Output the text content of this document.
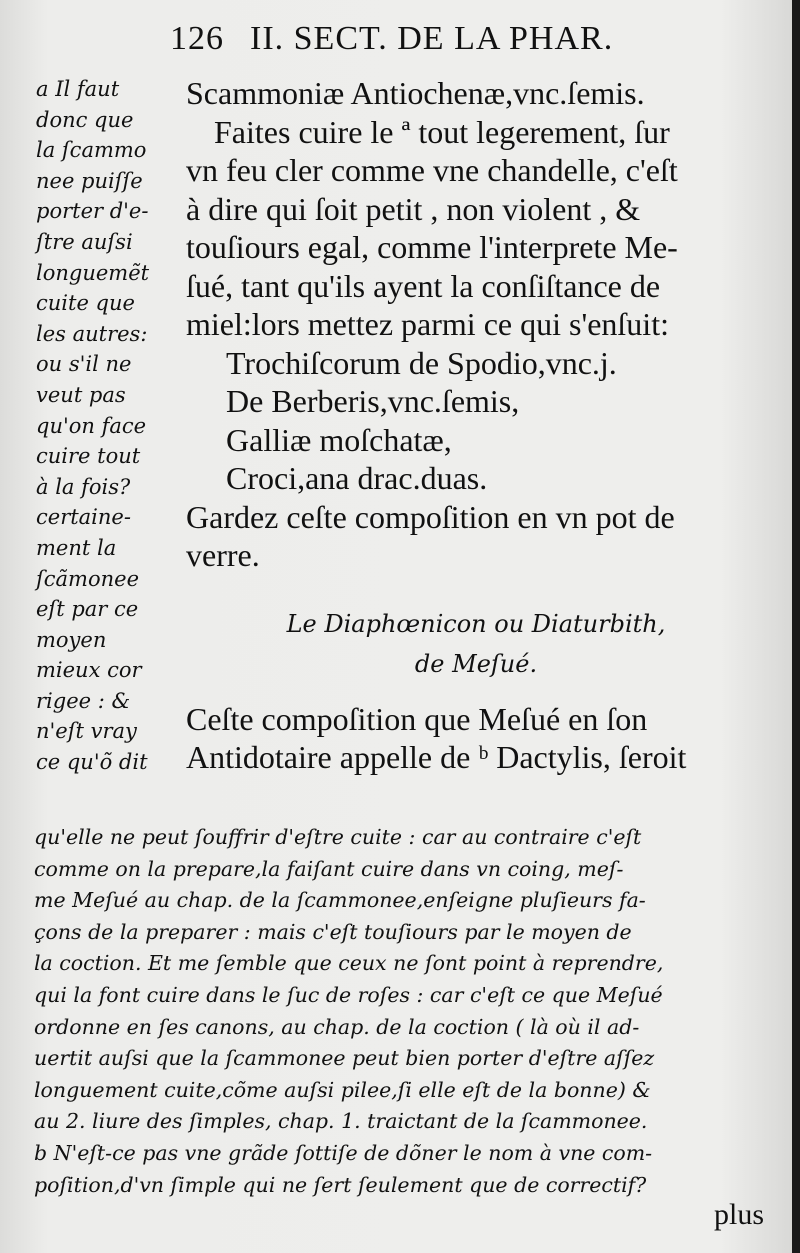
126 II. SECT. DE LA PHAR.
a Il faut
donc que
la ſcammo
nee puiſſe
porter d'e-
ſtre auſsi
longuemẽt
cuite que
les autres:
ou s'il ne
veut pas
qu'on face
cuire tout
à la fois?
certaine-
ment la
ſcãmonee
eſt par ce
moyen
mieux cor
rigee : &
n'eſt vray
ce qu'õ dit
Scammoniæ Antiochenæ,vnc.ſemis.
Faites cuire le ª tout legerement, ſur
vn feu cler comme vne chandelle, c'eſt
à dire qui ſoit petit , non violent , &
touſiours egal, comme l'interprete Me-
ſué, tant qu'ils ayent la conſiſtance de
miel:lors mettez parmi ce qui s'enſuit:
Trochiſcorum de Spodio,vnc.j.
De Berberis,vnc.ſemis,
Galliæ moſchatæ,
Croci,ana drac.duas.
Gardez ceſte compoſition en vn pot de
verre.
Le Diaphœnicon ou Diaturbith,
de Meſué.
Ceſte compoſition que Meſué en ſon
Antidotaire appelle de ᵇ Dactylis, ſeroit
qu'elle ne peut ſouffrir d'eſtre cuite : car au contraire c'eſt
comme on la prepare,la faiſant cuire dans vn coing, meſ-
me Meſué au chap. de la ſcammonee,enſeigne pluſieurs fa-
çons de la preparer : mais c'eſt touſiours par le moyen de
la coction. Et me ſemble que ceux ne ſont point à reprendre,
qui la font cuire dans le ſuc de roſes : car c'eſt ce que Meſué
ordonne en ſes canons, au chap. de la coction ( là où il ad-
uertit auſsi que la ſcammonee peut bien porter d'eſtre aſſez
longuement cuite,cõme auſsi pilee,ſi elle eſt de la bonne) &
au 2. liure des ſimples, chap. 1. traictant de la ſcammonee.
b N'eſt-ce pas vne grãde ſottiſe de dõner le nom à vne com-
poſition,d'vn ſimple qui ne ſert ſeulement que de correctif?
plus
